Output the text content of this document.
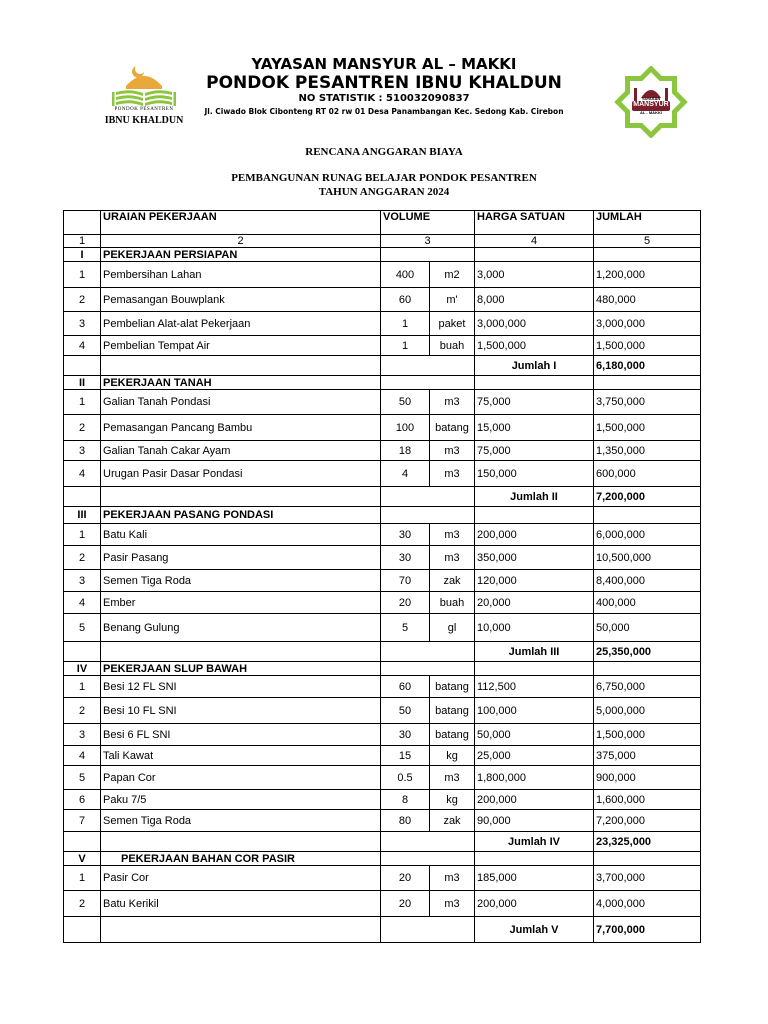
PONDOK PESANTREN
IBNU KHALDUN
YAYASAN
MANSYUR
AL - MAKKI
YAYASAN MANSYUR AL – MAKKI
PONDOK PESANTREN IBNU KHALDUN
NO STATISTIK : 510032090837
Jl. Ciwado Blok Cibonteng RT 02 rw 01 Desa Panambangan Kec. Sedong Kab. Cirebon
RENCANA ANGGARAN BIAYA
PEMBANGUNAN RUNAG BELAJAR PONDOK PESANTREN
TAHUN ANGGARAN 2024
	URAIAN PEKERJAAN	VOLUME		HARGA SATUAN	JUMLAH
1	2	3		4	5
I	PEKERJAAN PERSIAPAN				
1	Pembersihan Lahan	400	m2	3,000	1,200,000
2	Pemasangan Bouwplank	60	m'	8,000	480,000
3	Pembelian Alat-alat Pekerjaan	1	paket	3,000,000	3,000,000
4	Pembelian Tempat Air	1	buah	1,500,000	1,500,000
				Jumlah I	6,180,000
II	PEKERJAAN TANAH				
1	Galian Tanah Pondasi	50	m3	75,000	3,750,000
2	Pemasangan Pancang Bambu	100	batang	15,000	1,500,000
3	Galian Tanah Cakar Ayam	18	m3	75,000	1,350,000
4	Urugan Pasir Dasar Pondasi	4	m3	150,000	600,000
				Jumlah II	7,200,000
III	PEKERJAAN PASANG PONDASI				
1	Batu Kali	30	m3	200,000	6,000,000
2	Pasir Pasang	30	m3	350,000	10,500,000
3	Semen Tiga Roda	70	zak	120,000	8,400,000
4	Ember	20	buah	20,000	400,000
5	Benang Gulung	5	gl	10,000	50,000
				Jumlah III	25,350,000
IV	PEKERJAAN SLUP BAWAH				
1	Besi 12 FL SNI	60	batang	112,500	6,750,000
2	Besi 10 FL SNI	50	batang	100,000	5,000,000
3	Besi 6 FL SNI	30	batang	50,000	1,500,000
4	Tali Kawat	15	kg	25,000	375,000
5	Papan Cor	0.5	m3	1,800,000	900,000
6	Paku 7/5	8	kg	200,000	1,600,000
7	Semen Tiga Roda	80	zak	90,000	7,200,000
				Jumlah IV	23,325,000
V	PEKERJAAN BAHAN COR PASIR				
1	Pasir Cor	20	m3	185,000	3,700,000
2	Batu Kerikil	20	m3	200,000	4,000,000
				Jumlah V	7,700,000
